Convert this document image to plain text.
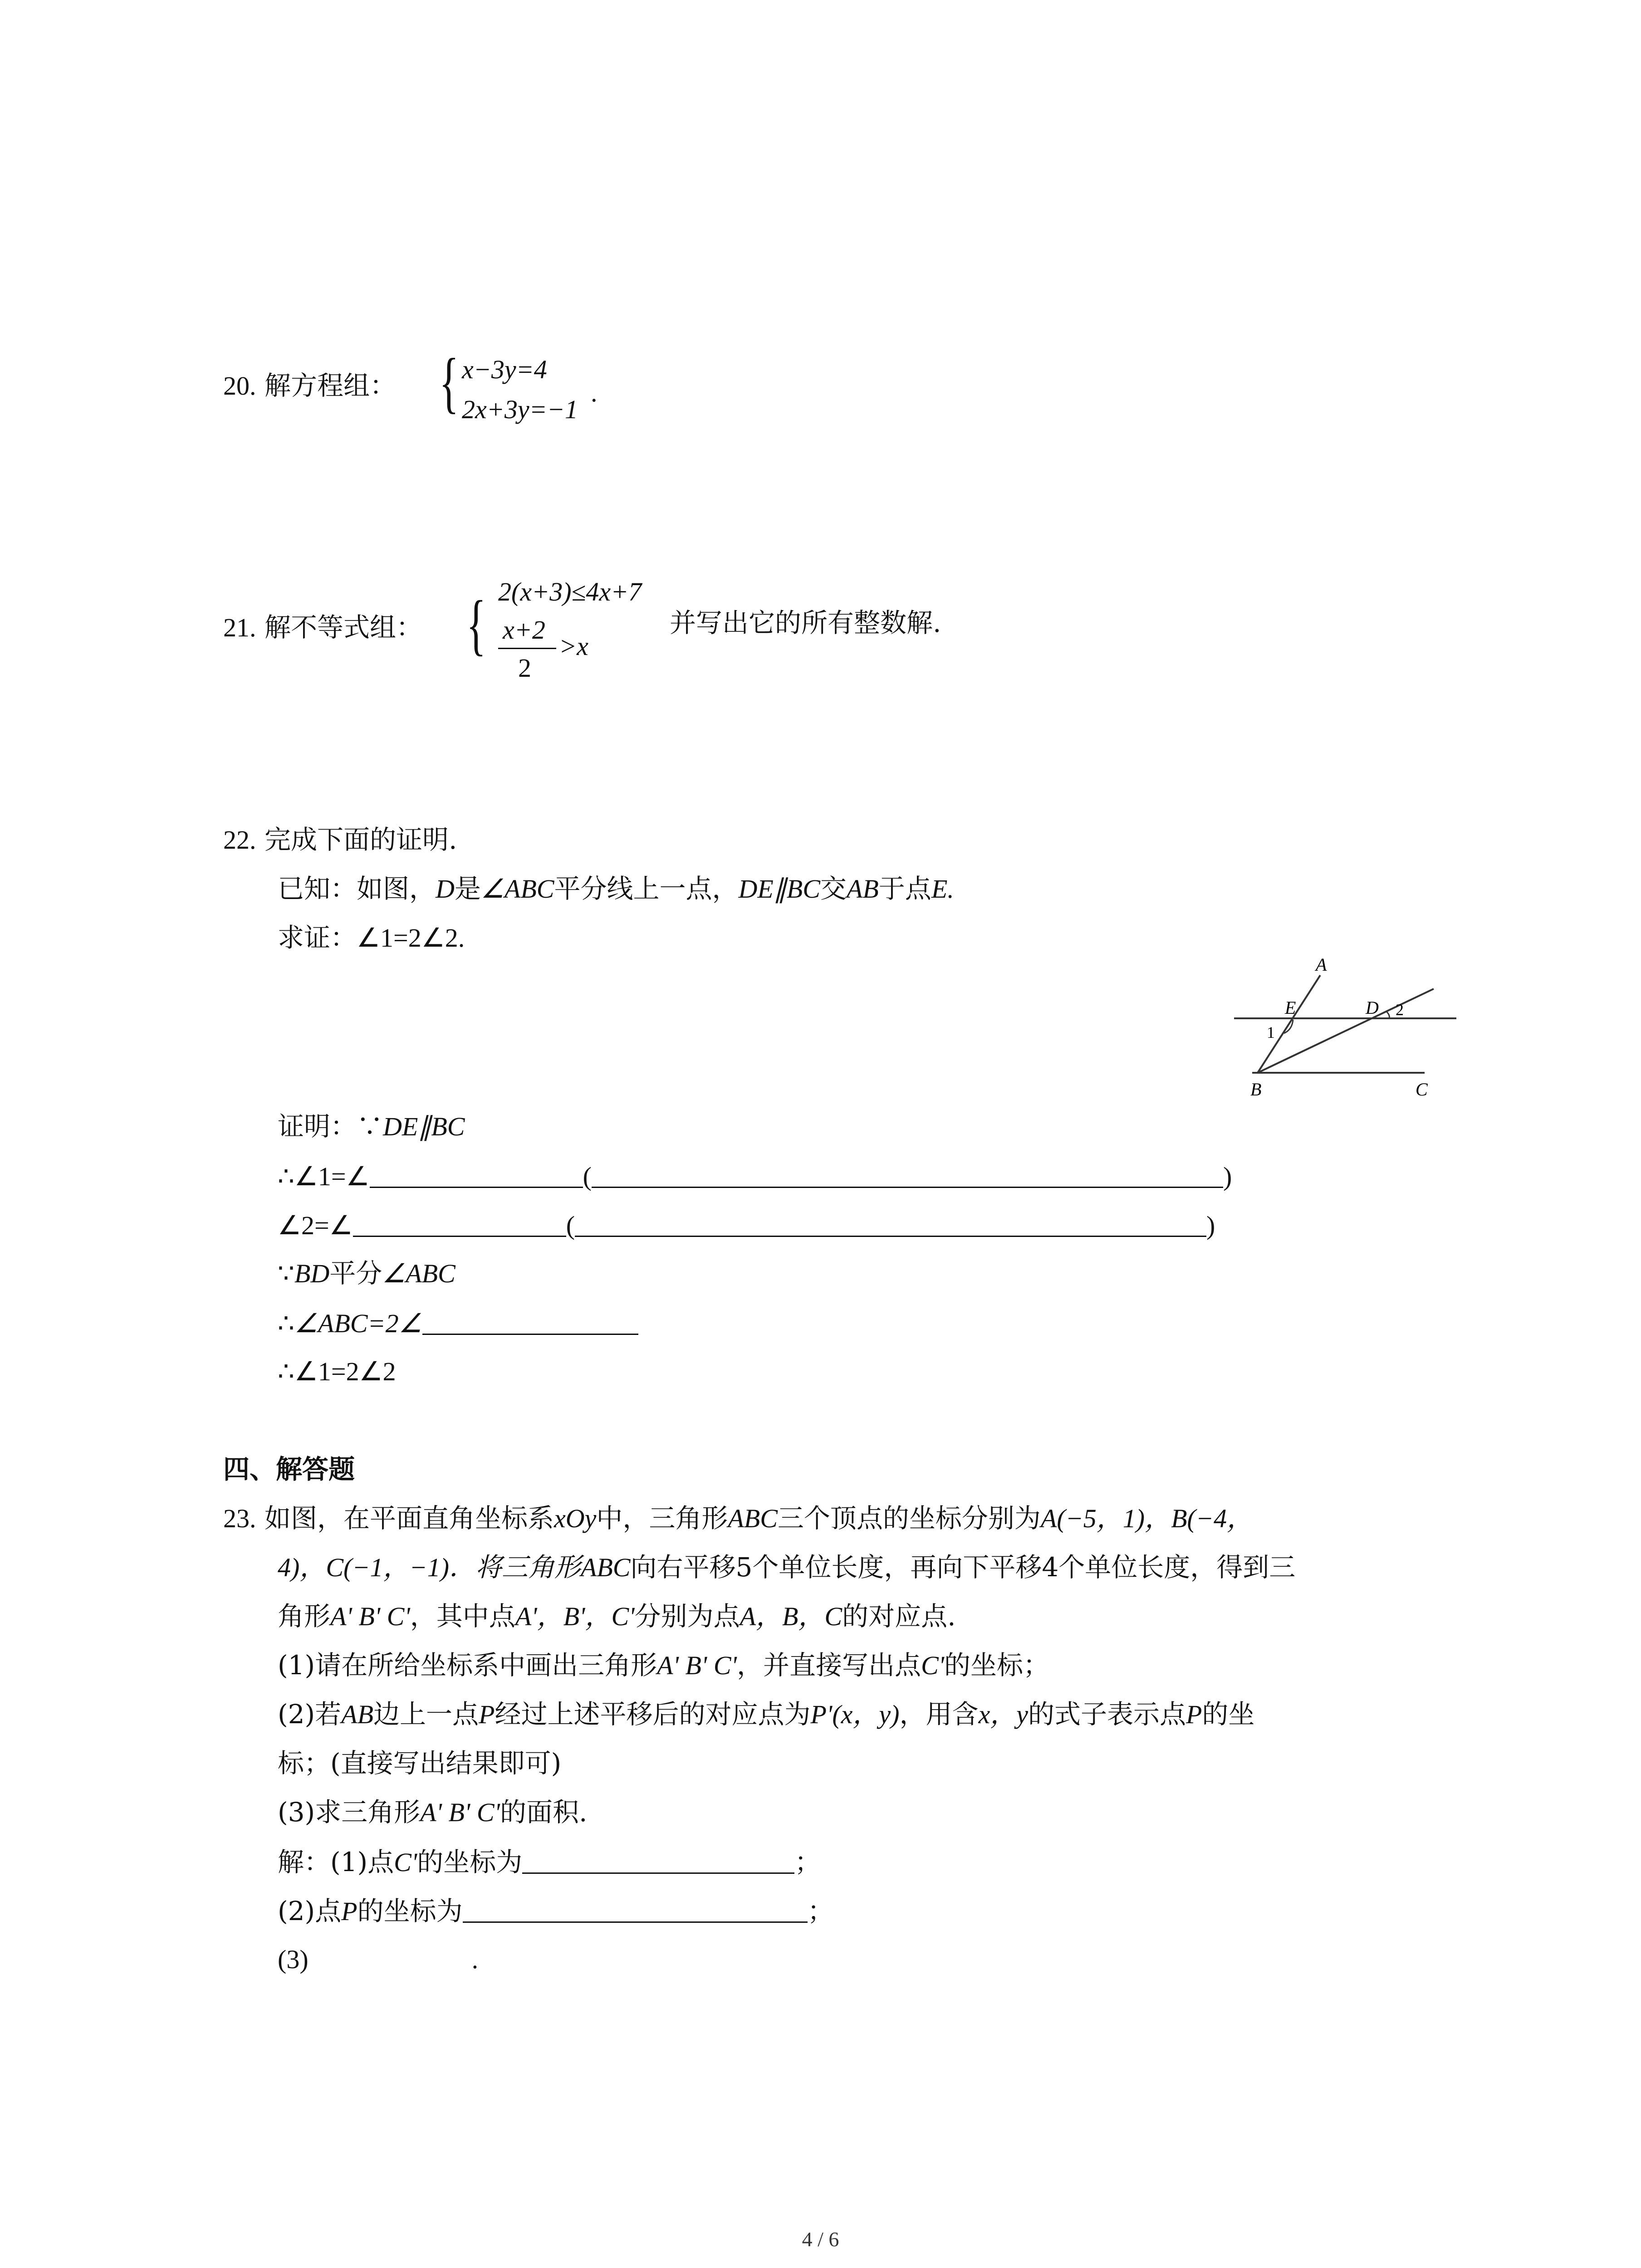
20. 解方程组： { x−3y=4
2x+3y=−1
.
21. 解不等式组： { 2(x+3)≤4x+7
x+2
2
>x
并写出它的所有整数解.
22. 完成下面的证明.
已知：如图，D是∠ABC平分线上一点，DE∥BC交AB于点E.
求证：∠1=2∠2.
A
E	D
B	C
1
2
证明：∵DE∥BC
∴∠1=∠	(	)
∠2=∠	(	)
∵BD平分∠ABC
∴∠ABC=2∠
∴∠1=2∠2
四、解答题
23. 如图，在平面直角坐标系xOy中，三角形ABC三个顶点的坐标分别为A(−5，1)，B(−4，
4)，C(−1，−1)．将三角形ABC向右平移5个单位长度，再向下平移4个单位长度，得到三
角形A' B' C'，其中点A'，B'，C'分别为点A，B，C的对应点.
(1)请在所给坐标系中画出三角形A' B' C'，并直接写出点C'的坐标；
(2)若AB边上一点P经过上述平移后的对应点为P'(x，y)，用含x，y的式子表示点P的坐
标；(直接写出结果即可)
(3)求三角形A' B' C'的面积.
解：(1)点C'的坐标为	；
(2)点P的坐标为	；
(3)	.
4 / 6
